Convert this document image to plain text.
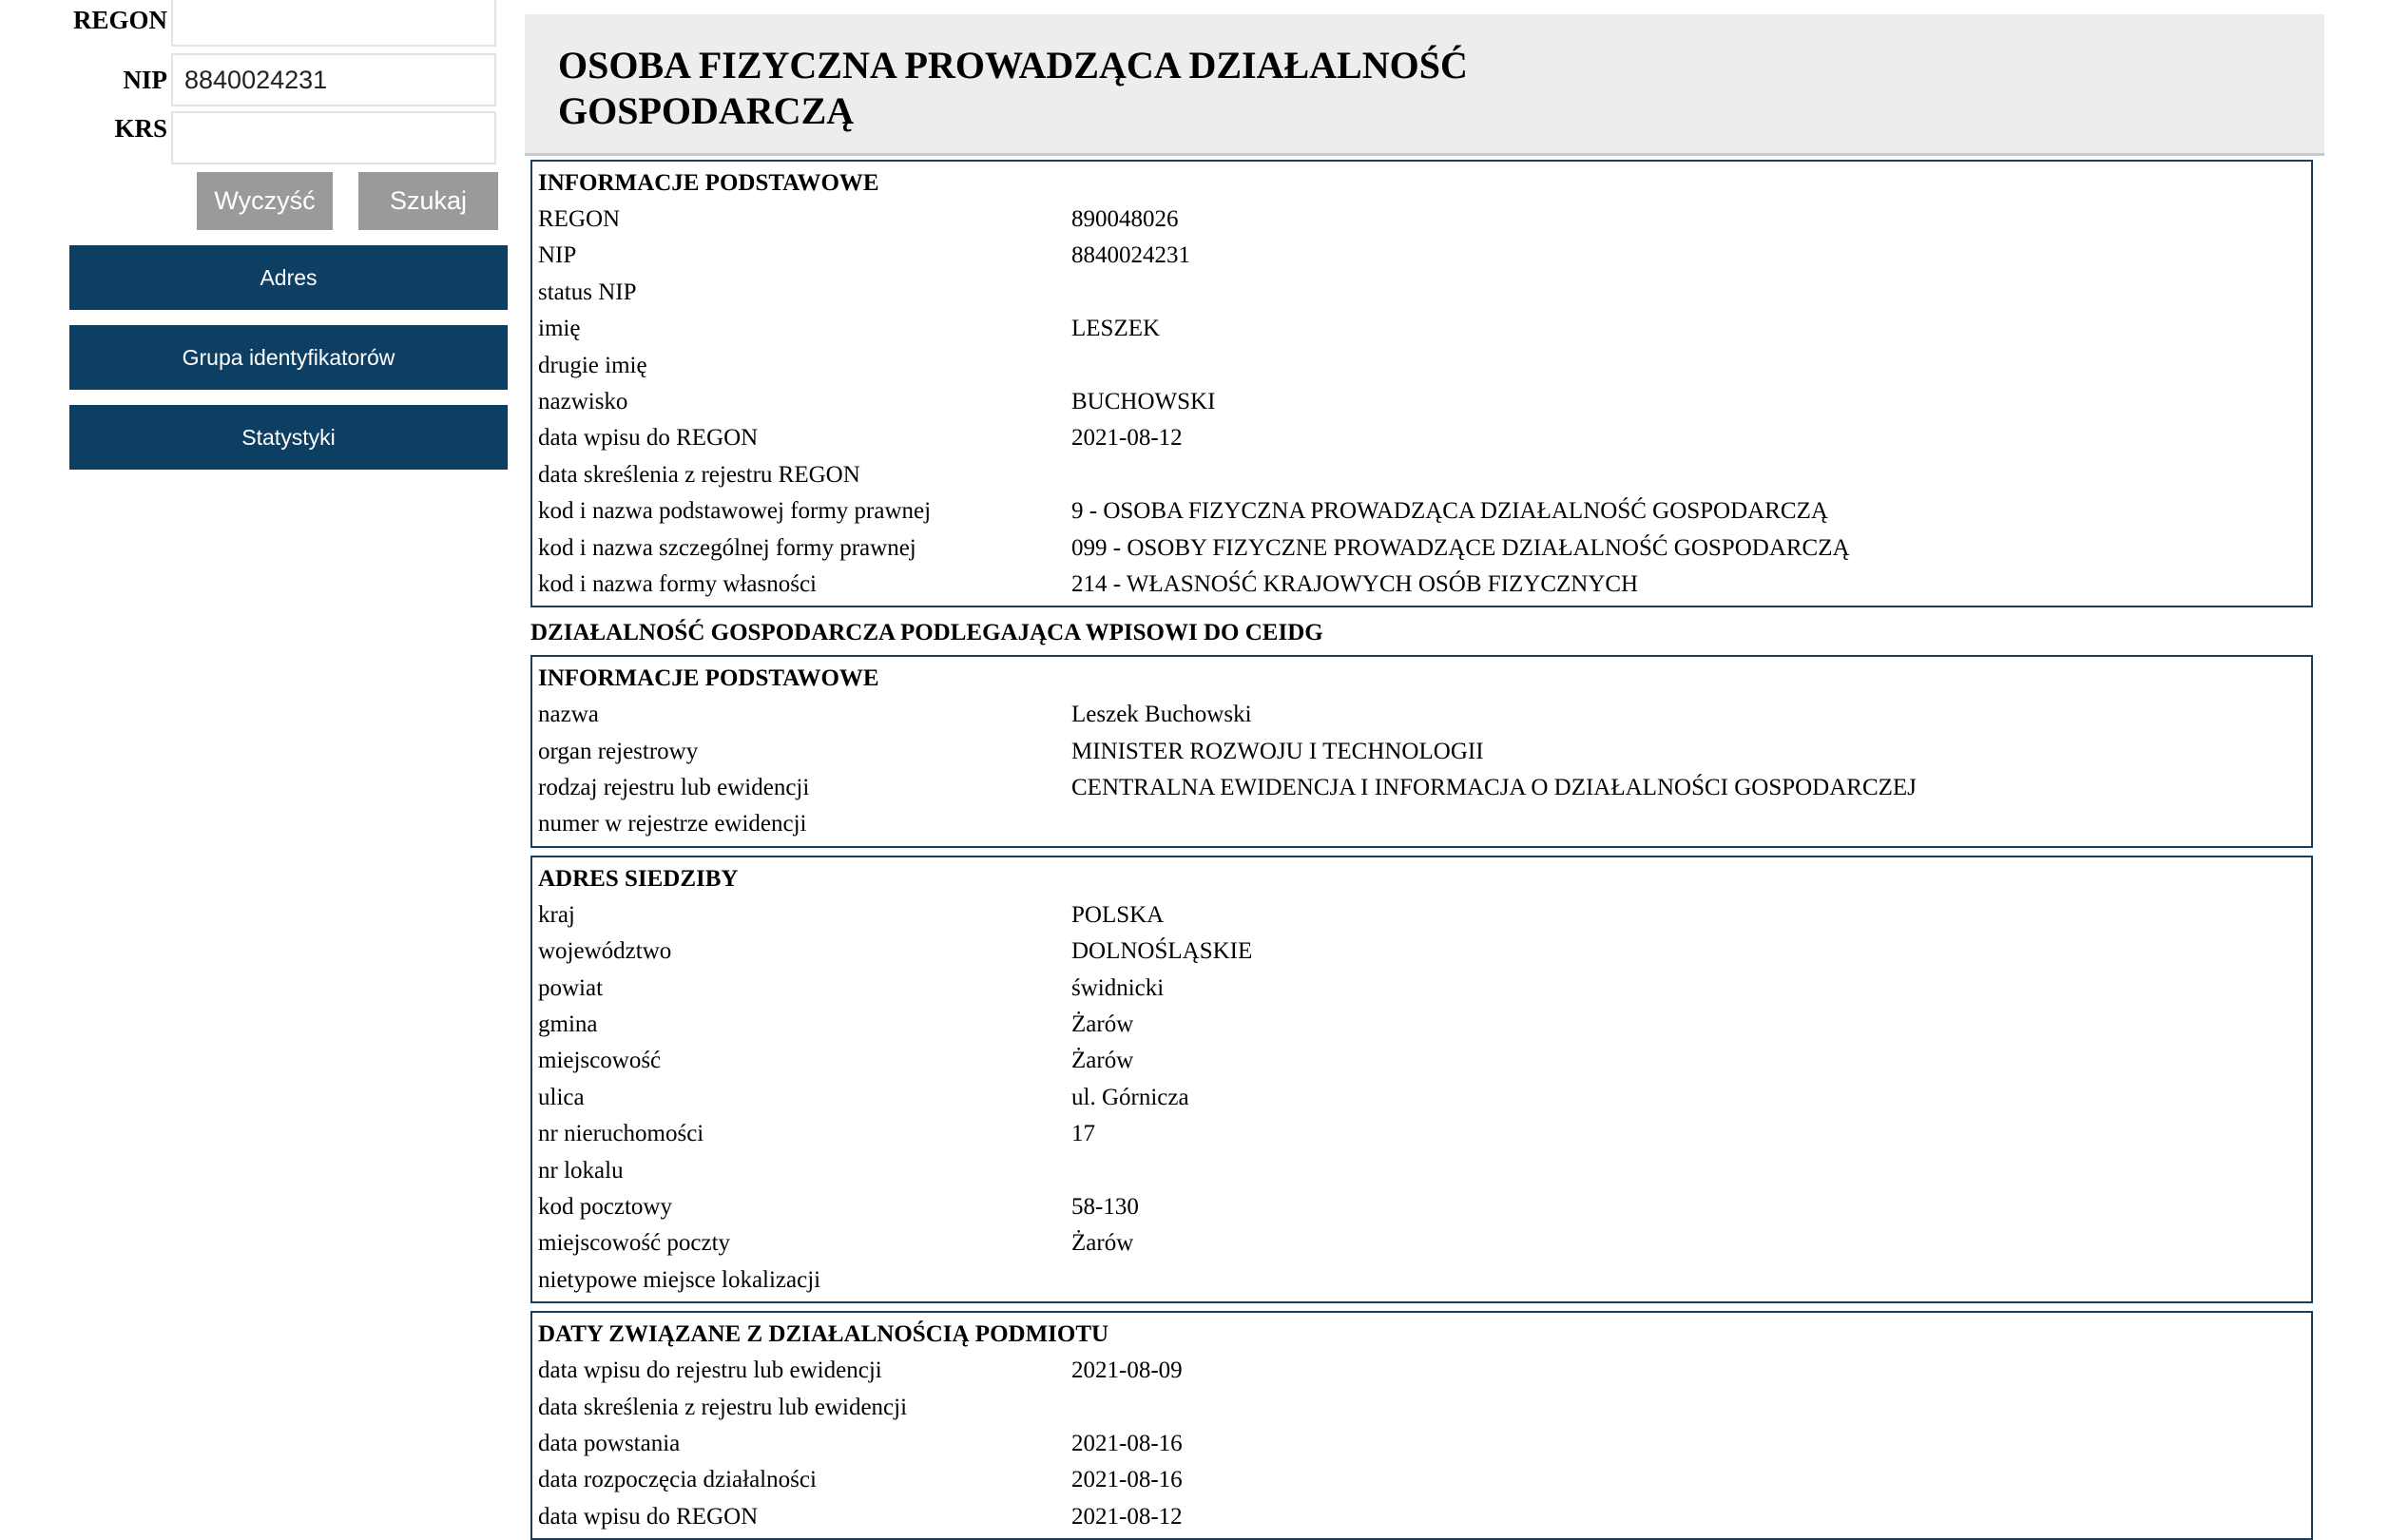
REGON
NIP
8840024231
KRS
Wyczyść	Szukaj
Adres
Grupa identyfikatorów
Statystyki
OSOBA FIZYCZNA PROWADZĄCA DZIAŁALNOŚĆ
GOSPODARCZĄ
INFORMACJE PODSTAWOWE
REGON	890048026
NIP	8840024231
status NIP
imię	LESZEK
drugie imię
nazwisko	BUCHOWSKI
data wpisu do REGON	2021-08-12
data skreślenia z rejestru REGON
kod i nazwa podstawowej formy prawnej	9 - OSOBA FIZYCZNA PROWADZĄCA DZIAŁALNOŚĆ GOSPODARCZĄ
kod i nazwa szczególnej formy prawnej	099 - OSOBY FIZYCZNE PROWADZĄCE DZIAŁALNOŚĆ GOSPODARCZĄ
kod i nazwa formy własności	214 - WŁASNOŚĆ KRAJOWYCH OSÓB FIZYCZNYCH
DZIAŁALNOŚĆ GOSPODARCZA PODLEGAJĄCA WPISOWI DO CEIDG
INFORMACJE PODSTAWOWE
nazwa	Leszek Buchowski
organ rejestrowy	MINISTER ROZWOJU I TECHNOLOGII
rodzaj rejestru lub ewidencji	CENTRALNA EWIDENCJA I INFORMACJA O DZIAŁALNOŚCI GOSPODARCZEJ
numer w rejestrze ewidencji
ADRES SIEDZIBY
kraj	POLSKA
województwo	DOLNOŚLĄSKIE
powiat	świdnicki
gmina	Żarów
miejscowość	Żarów
ulica	ul. Górnicza
nr nieruchomości	17
nr lokalu
kod pocztowy	58-130
miejscowość poczty	Żarów
nietypowe miejsce lokalizacji
DATY ZWIĄZANE Z DZIAŁALNOŚCIĄ PODMIOTU
data wpisu do rejestru lub ewidencji	2021-08-09
data skreślenia z rejestru lub ewidencji
data powstania	2021-08-16
data rozpoczęcia działalności	2021-08-16
data wpisu do REGON	2021-08-12
